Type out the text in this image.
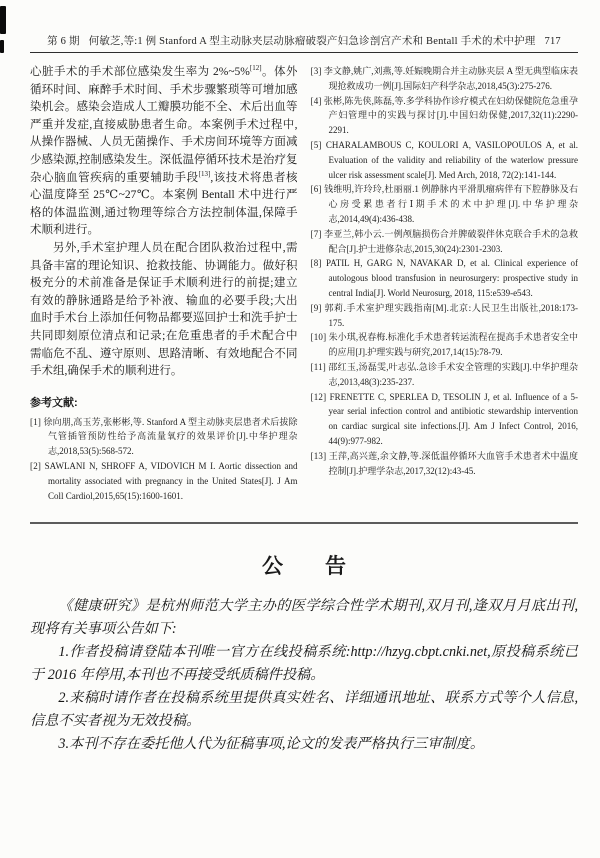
第 6 期 何敏芝,等:1 例 Stanford A 型主动脉夹层动脉瘤破裂产妇急诊剖宫产术和 Bentall 手术的术中护理 717
心脏手术的手术部位感染发生率为 2%~5%[12]。体外循环时间、麻醉手术时间、手术步骤繁琐等可增加感染机会。感染会造成人工瓣膜功能不全、术后出血等严重并发症,直接威胁患者生命。本案例手术过程中,从操作器械、人员无菌操作、手术房间环境等方面减少感染源,控制感染发生。深低温停循环技术是治疗复杂心脑血管疾病的重要辅助手段[13],该技术将患者核心温度降至 25℃~27℃。本案例 Bentall 术中进行严格的体温监测,通过物理等综合方法控制体温,保障手术顺利进行。
另外,手术室护理人员在配合团队救治过程中,需具备丰富的理论知识、抢救技能、协调能力。做好积极充分的术前准备是保证手术顺利进行的前提;建立有效的静脉通路是给予补液、输血的必要手段;大出血时手术台上添加任何物品都要巡回护士和洗手护士共同即刻原位清点和记录;在危重患者的手术配合中需临危不乱、遵守原则、思路清晰、有效地配合不同手术组,确保手术的顺利进行。
参考文献:
[1] 徐向朋,高玉芳,张彬彬,等. Stanford A 型主动脉夹层患者术后拔除气管插管预防性给予高流量氧疗的效果评价[J].中华护理杂志,2018,53(5):568-572.
[2] SAWLANI N, SHROFF A, VIDOVICH M I. Aortic dissection and mortality associated with pregnancy in the United States[J]. J Am Coll Cardiol,2015,65(15):1600-1601.
[3] 李文静,姚广,刘燕,等.妊娠晚期合并主动脉夹层 A 型无典型临床表现抢救成功一例[J].国际妇产科学杂志,2018,45(3):275-276.
[4] 张彬,陈先侠,陈磊,等.多学科协作诊疗模式在妇幼保健院危急重孕产妇管理中的实践与探讨[J].中国妇幼保健,2017,32(11):2290-2291.
[5] CHARALAMBOUS C, KOULORI A, VASILOPOULOS A, et al. Evaluation of the validity and reliability of the waterlow pressure ulcer risk assessment scale[J]. Med Arch, 2018, 72(2):141-144.
[6] 钱维明,许玲玲,杜丽丽.1 例静脉内平滑肌瘤病伴有下腔静脉及右心房受累患者行Ⅰ期手术的术中护理[J].中华护理杂志,2014,49(4):436-438.
[7] 李亚兰,韩小云.一例颅脑损伤合并脾破裂伴休克联合手术的急救配合[J].护士进修杂志,2015,30(24):2301-2303.
[8] PATIL H, GARG N, NAVAKAR D, et al. Clinical experience of autologous blood transfusion in neurosurgery: prospective study in central India[J]. World Neurosurg, 2018, 115:e539-e543.
[9] 郭莉.手术室护理实践指南[M].北京:人民卫生出版社,2018:173-175.
[10] 朱小琪,祝春梅.标准化手术患者转运流程在提高手术患者安全中的应用[J].护理实践与研究,2017,14(15):78-79.
[11] 邵红玉,汤磊雯,叶志弘.急诊手术安全管理的实践[J].中华护理杂志,2013,48(3):235-237.
[12] FRENETTE C, SPERLEA D, TESOLIN J, et al. Influence of a 5-year serial infection control and antibiotic stewardship intervention on cardiac surgical site infections.[J]. Am J Infect Control, 2016, 44(9):977-982.
[13] 王萍,高兴莲,余文静,等.深低温停循环大血管手术患者术中温度控制[J].护理学杂志,2017,32(12):43-45.
公　　告
《健康研究》是杭州师范大学主办的医学综合性学术期刊,双月刊,逢双月月底出刊,现将有关事项公告如下:
1.作者投稿请登陆本刊唯一官方在线投稿系统:http://hzyg.cbpt.cnki.net,原投稿系统已于 2016 年停用,本刊也不再接受纸质稿件投稿。
2.来稿时请作者在投稿系统里提供真实姓名、详细通讯地址、联系方式等个人信息,信息不实者视为无效投稿。
3.本刊不存在委托他人代为征稿事项,论文的发表严格执行三审制度。
